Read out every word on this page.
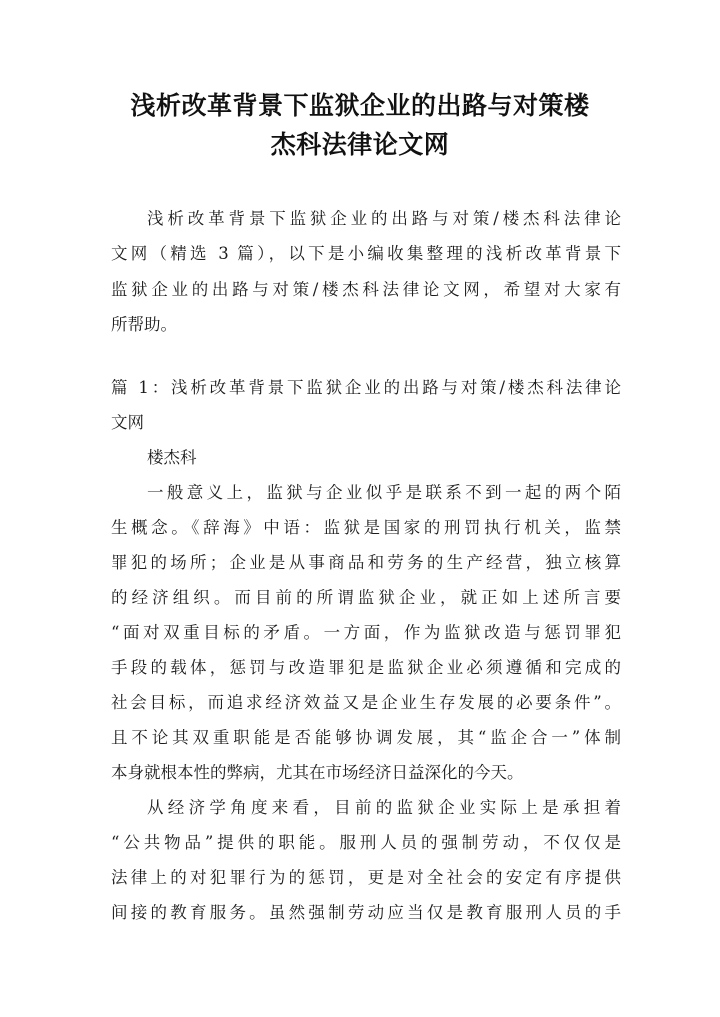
浅析改革背景下监狱企业的出路与对策楼
杰科法律论文网
浅析改革背景下监狱企业的出路与对策/楼杰科法律论
文网（精选 3 篇），以下是小编收集整理的浅析改革背景下
监狱企业的出路与对策/楼杰科法律论文网，希望对大家有
所帮助。
篇 1：浅析改革背景下监狱企业的出路与对策/楼杰科法律论
文网
楼杰科
一般意义上，监狱与企业似乎是联系不到一起的两个陌
生概念。《辞海》中语：监狱是国家的刑罚执行机关，监禁
罪犯的场所；企业是从事商品和劳务的生产经营，独立核算
的经济组织。而目前的所谓监狱企业，就正如上述所言要
“面对双重目标的矛盾。一方面，作为监狱改造与惩罚罪犯
手段的载体，惩罚与改造罪犯是监狱企业必须遵循和完成的
社会目标，而追求经济效益又是企业生存发展的必要条件”。
且不论其双重职能是否能够协调发展，其“监企合一”体制
本身就根本性的弊病，尤其在市场经济日益深化的今天。
从经济学角度来看，目前的监狱企业实际上是承担着
“公共物品”提供的职能。服刑人员的强制劳动，不仅仅是
法律上的对犯罪行为的惩罚，更是对全社会的安定有序提供
间接的教育服务。虽然强制劳动应当仅是教育服刑人员的手
